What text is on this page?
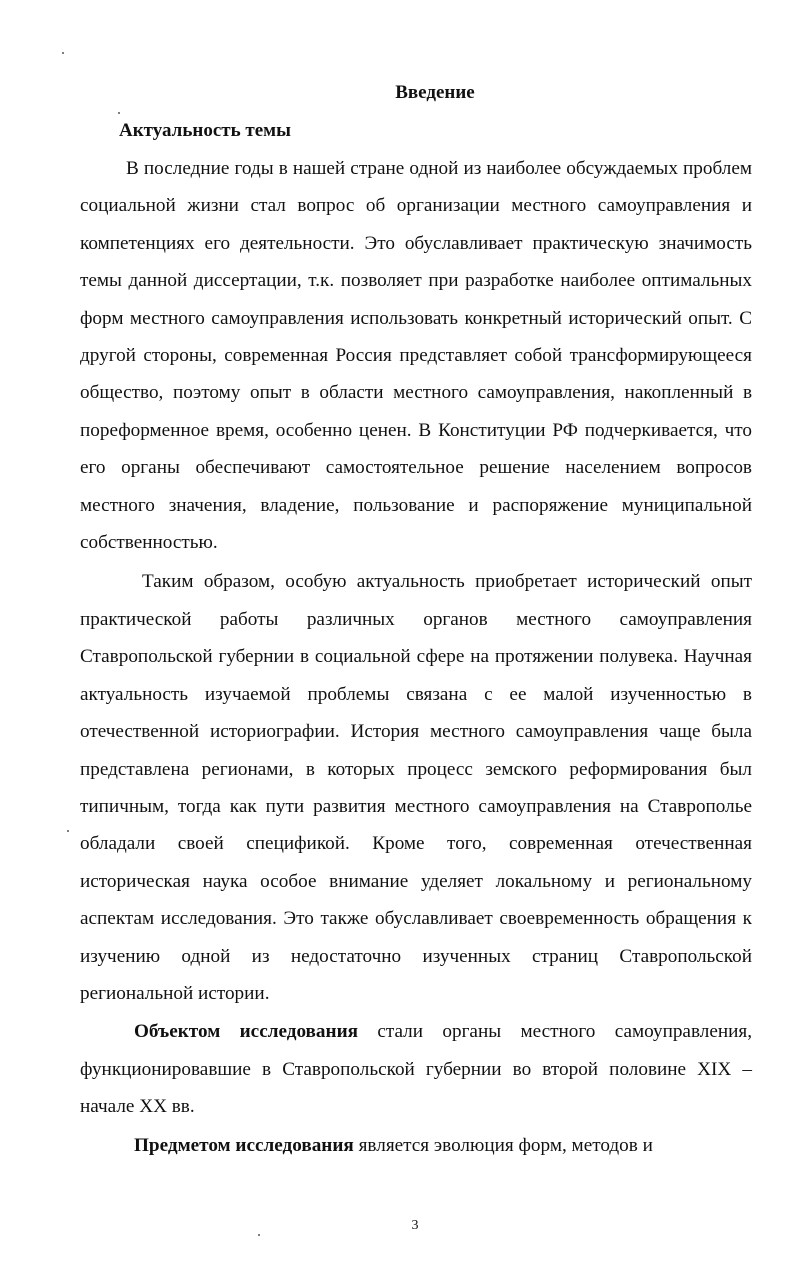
Введение
Актуальность темы

В последние годы в нашей стране одной из наиболее обсуждаемых проблем социальной жизни стал вопрос об организации местного самоуправления и компетенциях его деятельности. Это обуславливает практическую значимость темы данной диссертации, т.к. позволяет при разработке наиболее оптимальных форм местного самоуправления использовать конкретный исторический опыт. С другой стороны, современная Россия представляет собой трансформирующееся общество, поэтому опыт в области местного самоуправления, накопленный в пореформенное время, особенно ценен. В Конституции РФ подчеркивается, что его органы обеспечивают самостоятельное решение населением вопросов местного значения, владение, пользование и распоряжение муниципальной собственностью.

Таким образом, особую актуальность приобретает исторический опыт практической работы различных органов местного самоуправления Ставропольской губернии в социальной сфере на протяжении полувека. Научная актуальность изучаемой проблемы связана с ее малой изученностью в отечественной историографии. История местного самоуправления чаще была представлена регионами, в которых процесс земского реформирования был типичным, тогда как пути развития местного самоуправления на Ставрополье обладали своей спецификой. Кроме того, современная отечественная историческая наука особое внимание уделяет локальному и региональному аспектам исследования. Это также обуславливает своевременность обращения к изучению одной из недостаточно изученных страниц Ставропольской региональной истории.

Объектом исследования стали органы местного самоуправления, функционировавшие в Ставропольской губернии во второй половине XIX – начале XX вв.

Предметом исследования является эволюция форм, методов и

3
